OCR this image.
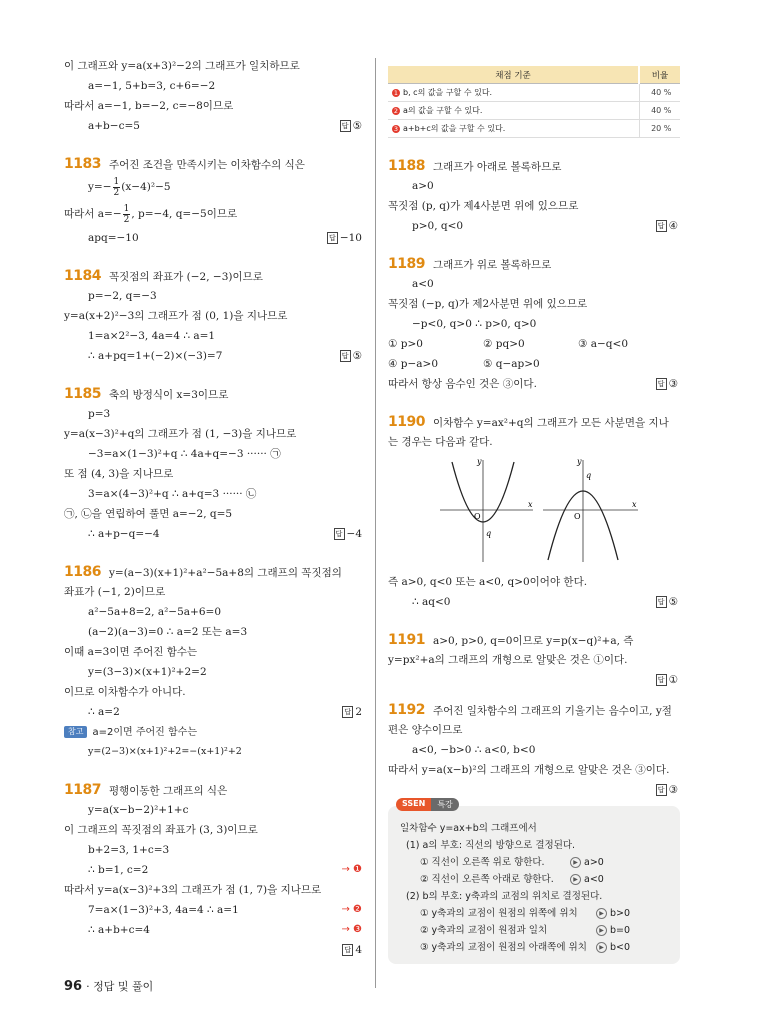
이 그래프와 y=a(x+3)²−2의 그래프가 일치하므로
a=−1, 5+b=3, c+6=−2
따라서 a=−1, b=−2, c=−8이므로
a+b−c=5	답 ⑤
1183 주어진 조건을 만족시키는 이차함수의 식은
$y=- \frac{1}{2} (x-4)^2-5$
따라서 $a=- \frac{1}{2}$ , p=−4, q=−5이므로
apq=−10	답 −10
1184 꼭짓점의 좌표가 (−2, −3)이므로
p=−2, q=−3
y=a(x+2)²−3의 그래프가 점 (0, 1)을 지나므로
1=a×2²−3, 4a=4 ∴ a=1
∴ a+pq=1+(−2)×(−3)=7	답 ⑤
1185 축의 방정식이 x=3이므로
p=3
y=a(x−3)²+q의 그래프가 점 (1, −3)을 지나므로
−3=a×(1−3)²+q ∴ 4a+q=−3 ······ ㉠
또 점 (4, 3)을 지나므로
3=a×(4−3)²+q ∴ a+q=3 ······ ㉡
㉠, ㉡을 연립하여 풀면 a=−2, q=5
∴ a+p−q=−4	답 −4
1186 y=(a−3)(x+1)²+a²−5a+8의 그래프의 꼭짓점의
좌표가 (−1, 2)이므로
a²−5a+8=2, a²−5a+6=0
(a−2)(a−3)=0 ∴ a=2 또는 a=3
이때 a=3이면 주어진 함수는
y=(3−3)×(x+1)²+2=2
이므로 이차함수가 아니다.
∴ a=2	답 2
참고 a=2이면 주어진 함수는
y=(2−3)×(x+1)²+2=−(x+1)²+2
1187 평행이동한 그래프의 식은
y=a(x−b−2)²+1+c
이 그래프의 꼭짓점의 좌표가 (3, 3)이므로
b+2=3, 1+c=3
∴ b=1, c=2	→ ❶
따라서 y=a(x−3)²+3의 그래프가 점 (1, 7)을 지나므로
7=a×(1−3)²+3, 4a=4 ∴ a=1	→ ❷
∴ a+b+c=4	→ ❸
답 4
채점 기준	비율
1 b, c의 값을 구할 수 있다.	40 %
2 a의 값을 구할 수 있다.	40 %
3 a+b+c의 값을 구할 수 있다.	20 %
1188 그래프가 아래로 볼록하므로
a>0
꼭짓점 (p, q)가 제4사분면 위에 있으므로
p>0, q<0	답 ④
1189 그래프가 위로 볼록하므로
a<0
꼭짓점 (−p, q)가 제2사분면 위에 있으므로
−p<0, q>0 ∴ p>0, q>0
① p>0	② pq>0	③ a−q<0
④ p−a>0	⑤ q−ap>0
따라서 항상 음수인 것은 ③이다.	답 ③
1190 이차함수 y=ax²+q의 그래프가 모든 사분면을 지나
는 경우는 다음과 같다.
y
x
O
q
y
x
O
q
즉 a>0, q<0 또는 a<0, q>0이어야 한다.
∴ aq<0	답 ⑤
1191 a>0, p>0, q=0이므로 y=p(x−q)²+a, 즉
y=px²+a의 그래프의 개형으로 알맞은 것은 ①이다.
답 ①
1192 주어진 일차함수의 그래프의 기울기는 음수이고, y절
편은 양수이므로
a<0, −b>0 ∴ a<0, b<0
따라서 y=a(x−b)²의 그래프의 개형으로 알맞은 것은 ③이다.
답 ③
SSEN	특강
일차함수 y=ax+b의 그래프에서
(1) a의 부호: 직선의 방향으로 결정된다.
① 직선이 오른쪽 위로 향한다.	▶ a>0
② 직선이 오른쪽 아래로 향한다.	▶ a<0
(2) b의 부호: y축과의 교점의 위치로 결정된다.
① y축과의 교점이 원점의 위쪽에 위치	▶ b>0
② y축과의 교점이 원점과 일치	▶ b=0
③ y축과의 교점이 원점의 아래쪽에 위치	▶ b<0
96 · 정답 및 풀이
